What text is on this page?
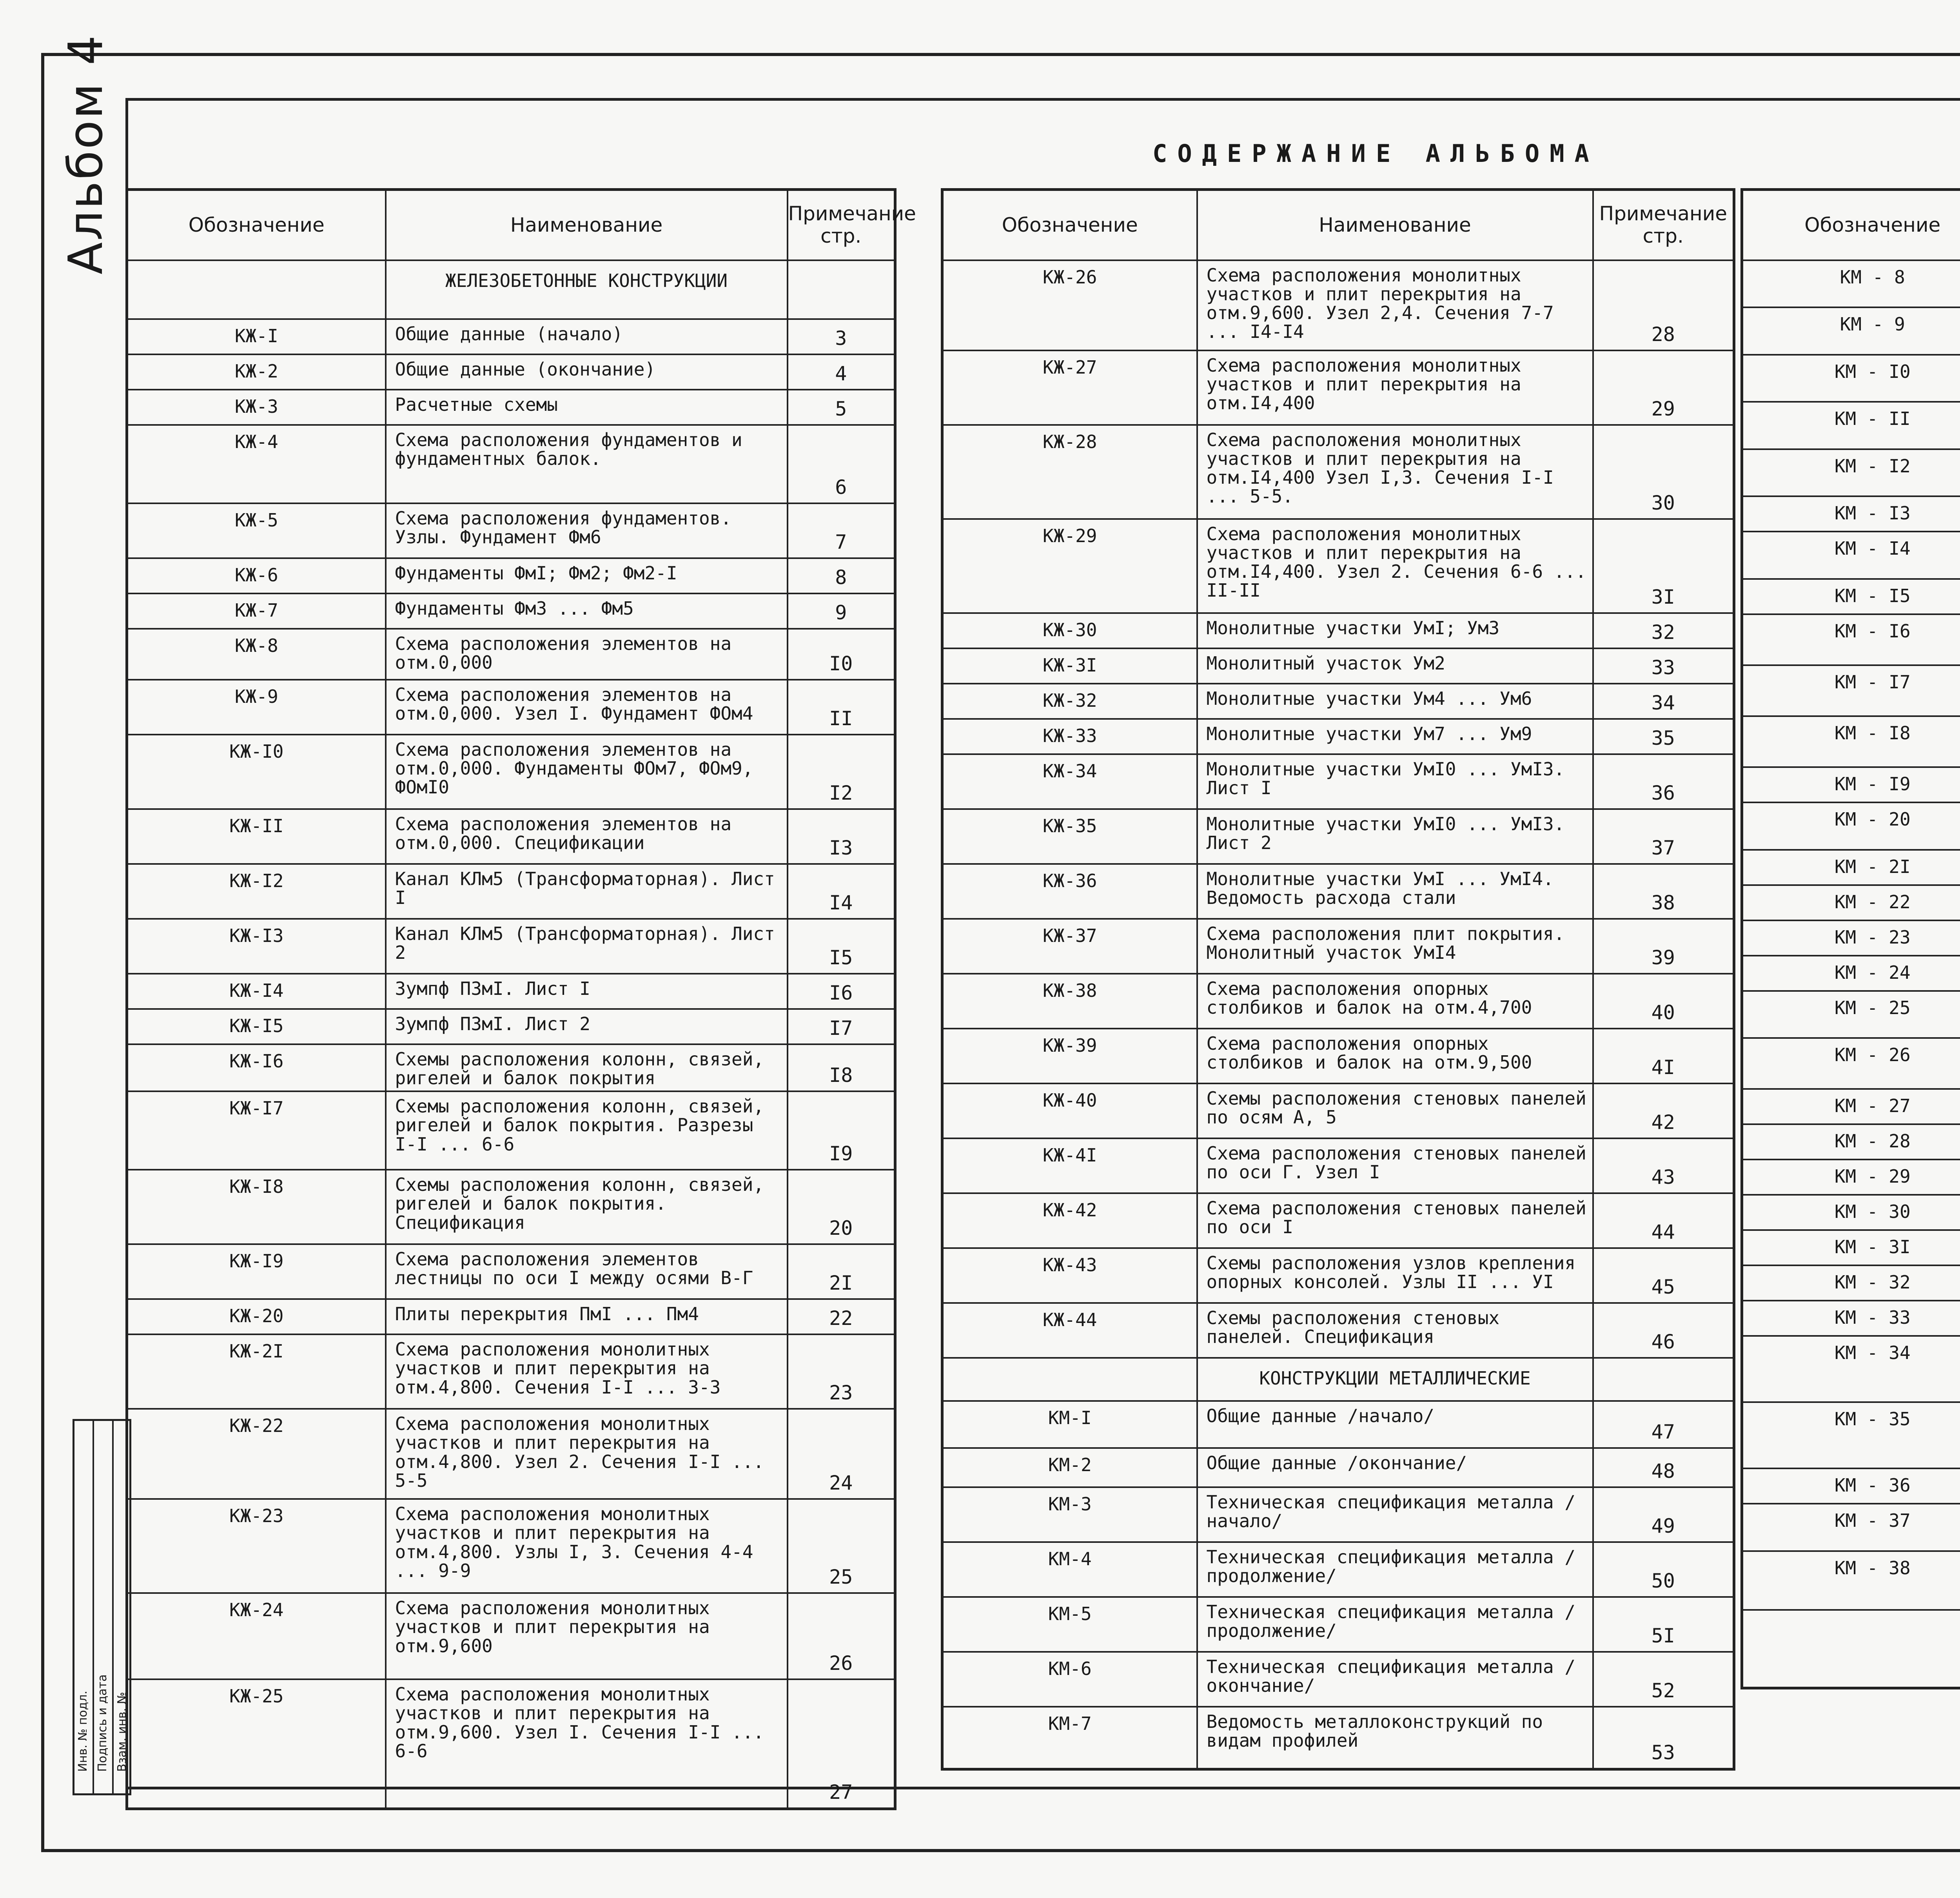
Альбом 4	СОДЕРЖАНИЕ АЛЬБОМА
Инв. № подл. Подпись и дата Взам. инв. №
Обозначение	Наименование	Примечание стр.
	ЖЕЛЕЗОБЕТОННЫЕ КОНСТРУКЦИИ	
КЖ-I	Общие данные (начало)	3
КЖ-2	Общие данные (окончание)	4
КЖ-3	Расчетные схемы	5
КЖ-4	Схема расположения фундаментов и фундаментных балок.	6
КЖ-5	Схема расположения фундаментов. Узлы. Фундамент Фм6	7
КЖ-6	Фундаменты ФмI; Фм2; Фм2-I	8
КЖ-7	Фундаменты Фм3 ... Фм5	9
КЖ-8	Схема расположения элементов на отм.0,000	I0
КЖ-9	Схема расположения элементов на отм.0,000. Узел I. Фундамент ФОм4	II
КЖ-I0	Схема расположения элементов на отм.0,000. Фундаменты ФОм7, ФОм9, ФОмI0	I2
КЖ-II	Схема расположения элементов на отм.0,000. Спецификации	I3
КЖ-I2	Канал КЛм5 (Трансформаторная). Лист I	I4
КЖ-I3	Канал КЛм5 (Трансформаторная). Лист 2	I5
КЖ-I4	Зумпф ПЗмI. Лист I	I6
КЖ-I5	Зумпф ПЗмI. Лист 2	I7
КЖ-I6	Схемы расположения колонн, связей, ригелей и балок покрытия	I8
КЖ-I7	Схемы расположения колонн, связей, ригелей и балок покрытия. Разрезы I-I ... 6-6	I9
КЖ-I8	Схемы расположения колонн, связей, ригелей и балок покрытия. Спецификация	20
КЖ-I9	Схема расположения элементов лестницы по оси I между осями В-Г	2I
КЖ-20	Плиты перекрытия ПмI ... Пм4	22
КЖ-2I	Схема расположения монолитных участков и плит перекрытия на отм.4,800. Сечения I-I ... 3-3	23
КЖ-22	Схема расположения монолитных участков и плит перекрытия на отм.4,800. Узел 2. Сечения I-I ... 5-5	24
КЖ-23	Схема расположения монолитных участков и плит перекрытия на отм.4,800. Узлы I, 3. Сечения 4-4 ... 9-9	25
КЖ-24	Схема расположения монолитных участков и плит перекрытия на отм.9,600	26
КЖ-25	Схема расположения монолитных участков и плит перекрытия на отм.9,600. Узел I. Сечения I-I ... 6-6	27
Обозначение	Наименование	Примечание стр.
КЖ-26	Схема расположения монолитных участков и плит перекрытия на отм.9,600. Узел 2,4. Сечения 7-7 ... I4-I4	28
КЖ-27	Схема расположения монолитных участков и плит перекрытия на отм.I4,400	29
КЖ-28	Схема расположения монолитных участков и плит перекрытия на отм.I4,400 Узел I,3. Сечения I-I ... 5-5.	30
КЖ-29	Схема расположения монолитных участков и плит перекрытия на отм.I4,400. Узел 2. Сечения 6-6 ... II-II	3I
КЖ-30	Монолитные участки УмI; Ум3	32
КЖ-3I	Монолитный участок Ум2	33
КЖ-32	Монолитные участки Ум4 ... Ум6	34
КЖ-33	Монолитные участки Ум7 ... Ум9	35
КЖ-34	Монолитные участки УмI0 ... УмI3. Лист I	36
КЖ-35	Монолитные участки УмI0 ... УмI3. Лист 2	37
КЖ-36	Монолитные участки УмI ... УмI4. Ведомость расхода стали	38
КЖ-37	Схема расположения плит покрытия. Монолитный участок УмI4	39
КЖ-38	Схема расположения опорных столбиков и балок на отм.4,700	40
КЖ-39	Схема расположения опорных столбиков и балок на отм.9,500	4I
КЖ-40	Схемы расположения стеновых панелей по осям А, 5	42
КЖ-4I	Схема расположения стеновых панелей по оси Г. Узел I	43
КЖ-42	Схема расположения стеновых панелей по оси I	44
КЖ-43	Схемы расположения узлов крепления опорных консолей. Узлы II ... УI	45
КЖ-44	Схемы расположения стеновых панелей. Спецификация	46
	КОНСТРУКЦИИ МЕТАЛЛИЧЕСКИЕ	
КМ-I	Общие данные /начало/	47
КМ-2	Общие данные /окончание/	48
КМ-3	Техническая спецификация металла /начало/	49
КМ-4	Техническая спецификация металла /продолжение/	50
КМ-5	Техническая спецификация металла /продолжение/	5I
КМ-6	Техническая спецификация металла /окончание/	52
КМ-7	Ведомость металлоконструкций по видам профилей	53
Обозначение		
КМ - 8		
КМ - 9		
КМ - I0		
КМ - II		
КМ - I2		
КМ - I3		
КМ - I4		
КМ - I5		
КМ - I6		
КМ - I7		
КМ - I8		
КМ - I9		
КМ - 20		
КМ - 2I		
КМ - 22		
КМ - 23		
КМ - 24		
КМ - 25		
КМ - 26		
КМ - 27		
КМ - 28		
КМ - 29		
КМ - 30		
КМ - 3I		
КМ - 32		
КМ - 33		
КМ - 34		
КМ - 35		
КМ - 36		
КМ - 37		
КМ - 38		
